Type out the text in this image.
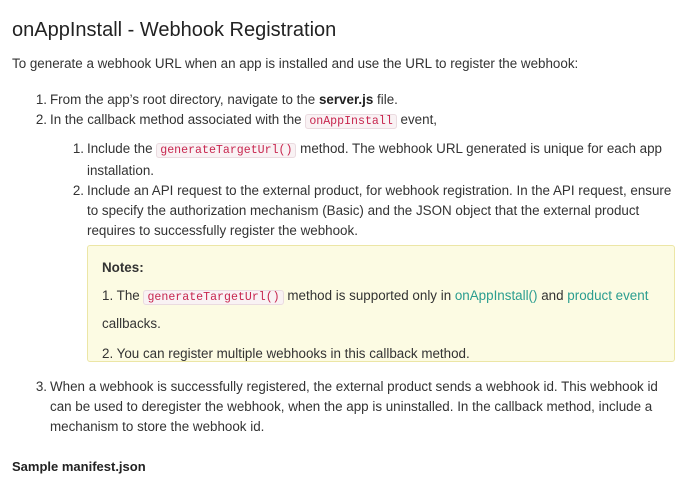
onAppInstall - Webhook Registration

To generate a webhook URL when an app is installed and use the URL to register the webhook:

1. From the app’s root directory, navigate to the server.js file.
2. In the callback method associated with the onAppInstall event,
1. Include the generateTargetUrl() method. The webhook URL generated is unique for each app installation.
2. Include an API request to the external product, for webhook registration. In the API request, ensure to specify the authorization mechanism (Basic) and the JSON object that the external product requires to successfully register the webhook.

Notes:

1. The generateTargetUrl() method is supported only in onAppInstall() and product event callbacks.

2. You can register multiple webhooks in this callback method.

3. When a webhook is successfully registered, the external product sends a webhook id. This webhook id can be used to deregister the webhook, when the app is uninstalled. In the callback method, include a mechanism to store the webhook id.

Sample manifest.json
